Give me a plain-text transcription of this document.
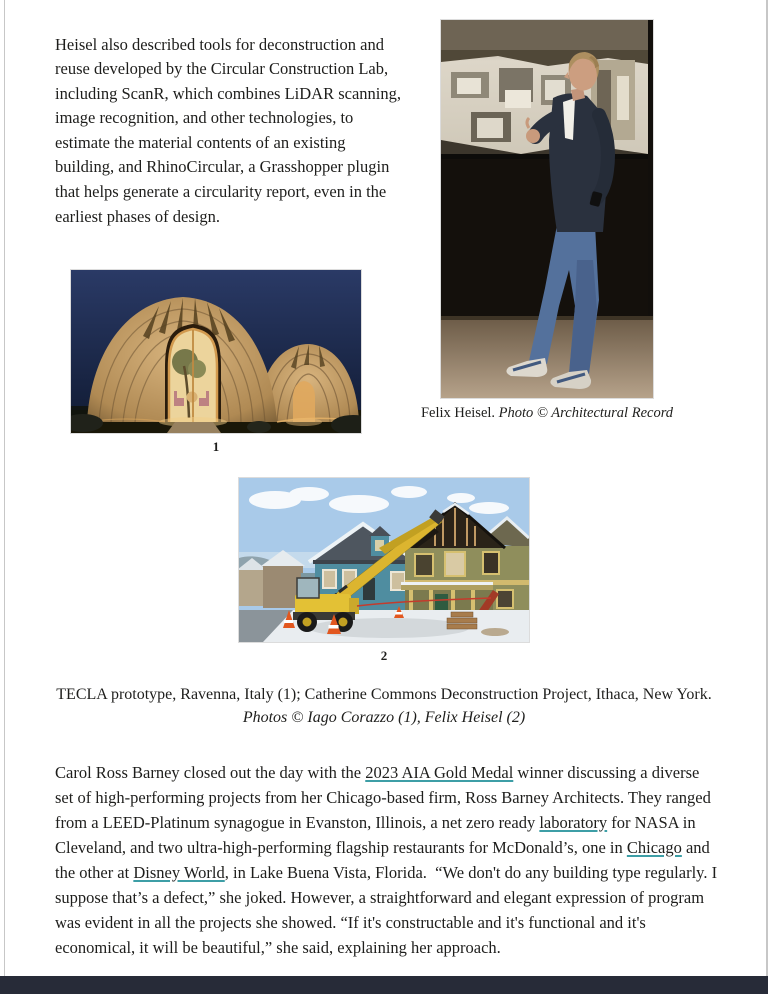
Heisel also described tools for deconstruction and reuse developed by the Circular Construction Lab, including ScanR, which combines LiDAR scanning, image recognition, and other technologies, to estimate the material contents of an existing building, and RhinoCircular, a Grasshopper plugin that helps generate a circularity report, even in the earliest phases of design.

Felix Heisel. Photo © Architectural Record
1
2
TECLA prototype, Ravenna, Italy (1); Catherine Commons Deconstruction Project, Ithaca, New York.
Photos © Iago Corazzo (1), Felix Heisel (2)

Carol Ross Barney closed out the day with the 2023 AIA Gold Medal winner discussing a diverse set of high-performing projects from her Chicago-based firm, Ross Barney Architects. They ranged from a LEED-Platinum synagogue in Evanston, Illinois, a net zero ready laboratory for NASA in Cleveland, and two ultra-high-performing flagship restaurants for McDonald’s, one in Chicago and the other at Disney World, in Lake Buena Vista, Florida.  “We don't do any building type regularly. I suppose that’s a defect,” she joked. However, a straightforward and elegant expression of program was evident in all the projects she showed. “If it's constructable and it's functional and it's economical, it will be beautiful,” she said, explaining her approach.
